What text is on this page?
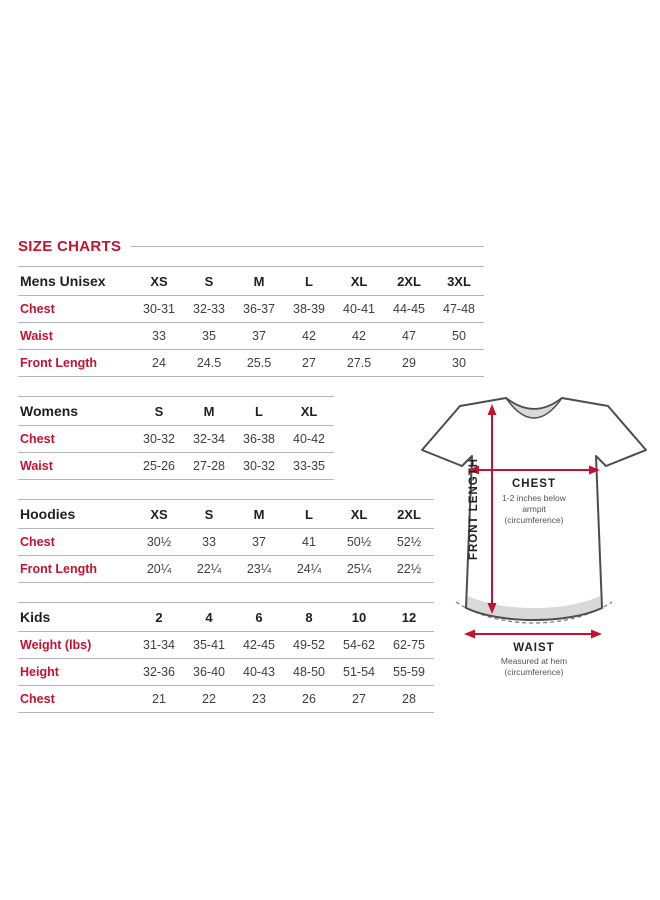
SIZE CHARTS
Mens Unisex	XS	S	M	L	XL	2XL	3XL
Chest	30-31	32-33	36-37	38-39	40-41	44-45	47-48
Waist	33	35	37	42	42	47	50
Front Length	24	24.5	25.5	27	27.5	29	30
Womens	S	M	L	XL
Chest	30-32	32-34	36-38	40-42
Waist	25-26	27-28	30-32	33-35
Hoodies	XS	S	M	L	XL	2XL
Chest	30½	33	37	41	50½	52½
Front Length	20¼	22¼	23¼	24¼	25¼	22½
Kids	2	4	6	8	10	12
Weight (lbs)	31-34	35-41	42-45	49-52	54-62	62-75
Height	32-36	36-40	40-43	48-50	51-54	55-59
Chest	21	22	23	26	27	28
CHEST
1-2 inches below armpit (circumference)
FRONT LENGTH
WAIST
Measured at hem (circumference)
